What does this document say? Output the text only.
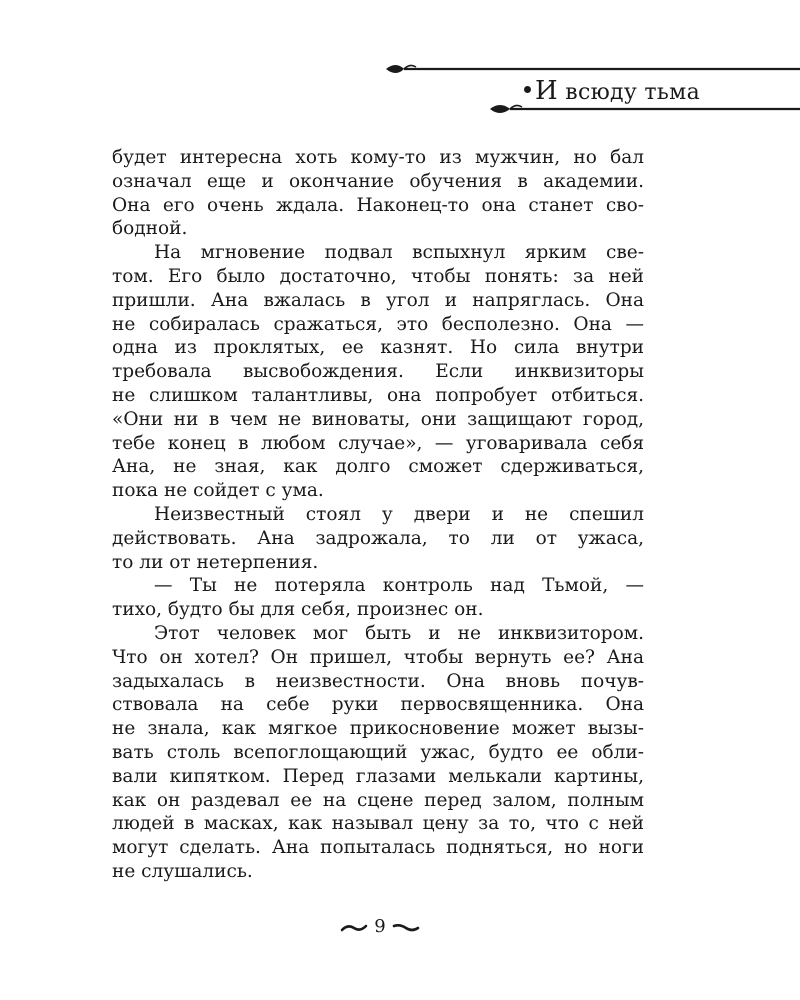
И всюду тьма
будет интересна хоть кому-то из мужчин, но бал
означал еще и окончание обучения в академии.
Она его очень ждала. Наконец-то она станет сво-
бодной.
На мгновение подвал вспыхнул ярким све-
том. Его было достаточно, чтобы понять: за ней
пришли. Ана вжалась в угол и напряглась. Она
не собиралась сражаться, это бесполезно. Она —
одна из проклятых, ее казнят. Но сила внутри
требовала высвобождения. Если инквизиторы
не слишком талантливы, она попробует отбиться.
«Они ни в чем не виноваты, они защищают город,
тебе конец в любом случае», — уговаривала себя
Ана, не зная, как долго сможет сдерживаться,
пока не сойдет с ума.
Неизвестный стоял у двери и не спешил
действовать. Ана задрожала, то ли от ужаса,
то ли от нетерпения.
— Ты не потеряла контроль над Тьмой, —
тихо, будто бы для себя, произнес он.
Этот человек мог быть и не инквизитором.
Что он хотел? Он пришел, чтобы вернуть ее? Ана
задыхалась в неизвестности. Она вновь почув-
ствовала на себе руки первосвященника. Она
не знала, как мягкое прикосновение может вызы-
вать столь всепоглощающий ужас, будто ее обли-
вали кипятком. Перед глазами мелькали картины,
как он раздевал ее на сцене перед залом, полным
людей в масках, как называл цену за то, что с ней
могут сделать. Ана попыталась подняться, но ноги
не слушались.
9
